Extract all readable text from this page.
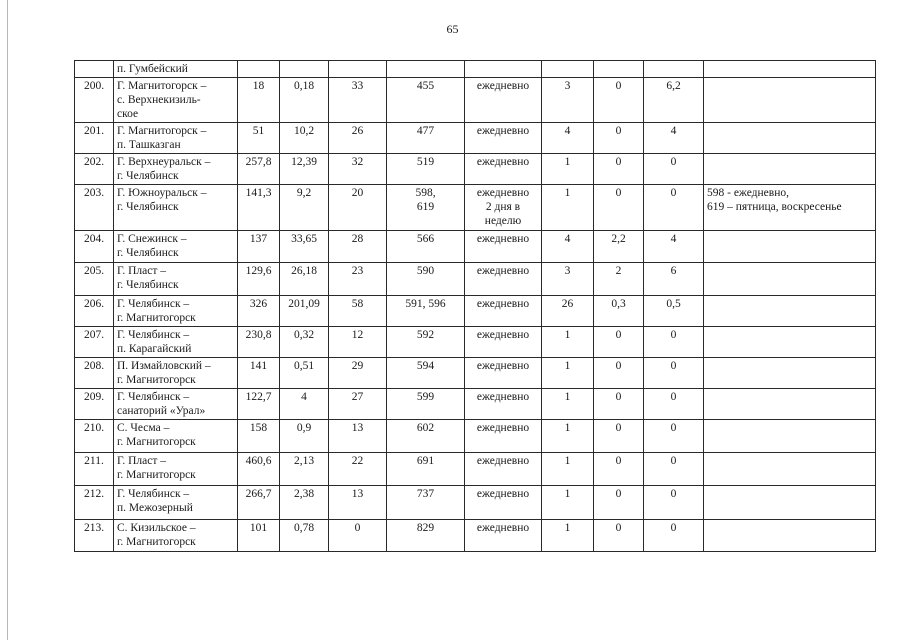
65

	п. Гумбейский									

200.	Г. Магнитогорск –
с. Верхнекизиль-
ское	18	0,18	33	455	ежедневно	3	0	6,2	
201.	Г. Магнитогорск –
п. Ташказган	51	10,2	26	477	ежедневно	4	0	4	
202.	Г. Верхнеуральск –
г. Челябинск	257,8	12,39	32	519	ежедневно	1	0	0	
203.	Г. Южноуральск –
г. Челябинск	141,3	9,2	20	598,
619	ежедневно
2 дня в
неделю	1	0	0	598 - ежедневно,
619 – пятница, воскресенье

204.	Г. Снежинск –
г. Челябинск	137	33,65	28	566	ежедневно	4	2,2	4	
205.	Г. Пласт –
г. Челябинск	129,6	26,18	23	590	ежедневно	3	2	6	
206.	Г. Челябинск –
г. Магнитогорск	326	201,09	58	591, 596	ежедневно	26	0,3	0,5	
207.	Г. Челябинск –
п. Карагайский	230,8	0,32	12	592	ежедневно	1	0	0	
208.	П. Измайловский –
г. Магнитогорск	141	0,51	29	594	ежедневно	1	0	0	
209.	Г. Челябинск –
санаторий «Урал»	122,7	4	27	599	ежедневно	1	0	0	
210.	С. Чесма –
г. Магнитогорск	158	0,9	13	602	ежедневно	1	0	0	
211.	Г. Пласт –
г. Магнитогорск	460,6	2,13	22	691	ежедневно	1	0	0	
212.	Г. Челябинск –
п. Межозерный	266,7	2,38	13	737	ежедневно	1	0	0	
213.	С. Кизильское –
г. Магнитогорск	101	0,78	0	829	ежедневно	1	0	0	
